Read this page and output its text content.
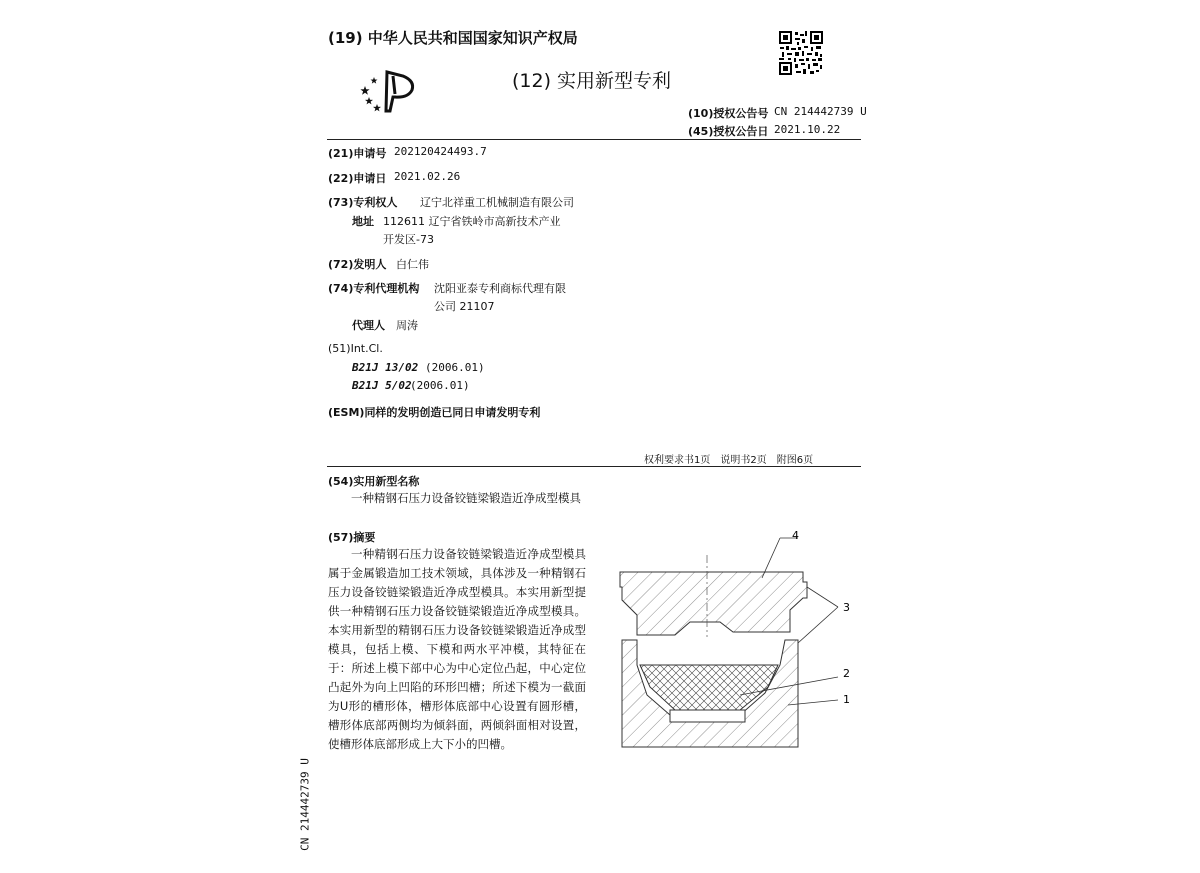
(19) 中华人民共和国国家知识产权局
(12) 实用新型专利
(10)授权公告号 CN 214442739 U
(45)授权公告日 2021.10.22
(21)申请号 202120424493.7
(22)申请日 2021.02.26
(73)专利权人 辽宁北祥重工机械制造有限公司
地址 112611 辽宁省铁岭市高新技术产业
开发区-73
(72)发明人 白仁伟
(74)专利代理机构 沈阳亚泰专利商标代理有限
公司 21107
代理人 周涛
(51)Int.Cl.
B21J 13/02 (2006.01)
B21J 5/02
(2006.01)
(ESM)同样的发明创造已同日申请发明专利
权利要求书1页　说明书2页　附图6页
(54)实用新型名称
一种精钢石压力设备铰链梁锻造近净成型模具
(57)摘要
一种精钢石压力设备铰链梁锻造近净成型模具属于金属锻造加工技术领域，具体涉及一种精钢石压力设备铰链梁锻造近净成型模具。本实用新型提供一种精钢石压力设备铰链梁锻造近净成型模具。本实用新型的精钢石压力设备铰链梁锻造近净成型模具，包括上模、下模和两水平冲模，其特征在于：所述上模下部中心为中心定位凸起，中心定位凸起外为向上凹陷的环形凹槽；所述下模为一截面为U形的槽形体，槽形体底部中心设置有圆形槽，槽形体底部两侧均为倾斜面，两倾斜面相对设置，使槽形体底部形成上大下小的凹槽。
4
3
2
1
CN 214442739 U
